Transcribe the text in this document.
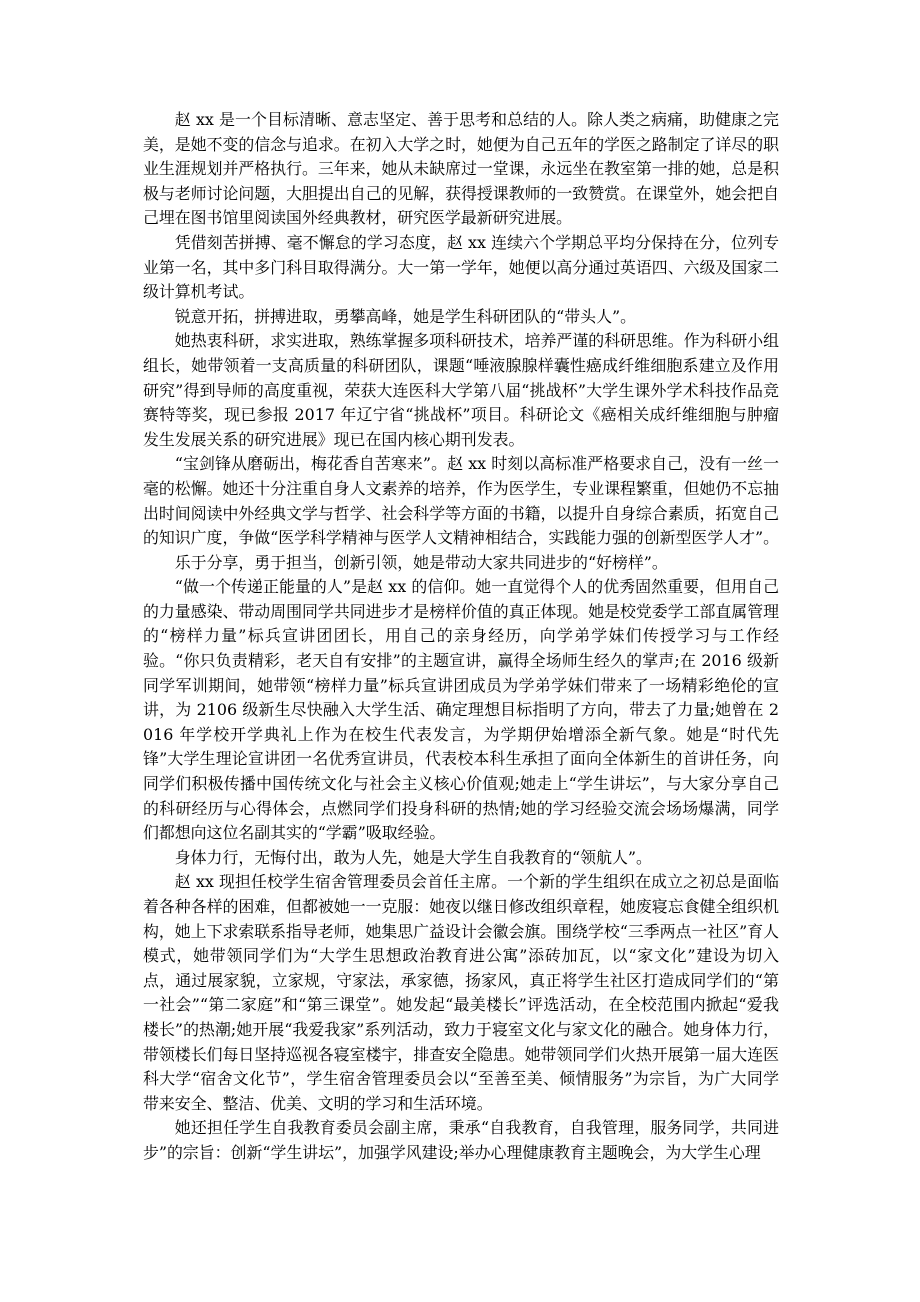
赵 xx 是一个目标清晰、意志坚定、善于思考和总结的人。除人类之病痛，助健康之完美，是她不变的信念与追求。在初入大学之时，她便为自己五年的学医之路制定了详尽的职业生涯规划并严格执行。三年来，她从未缺席过一堂课，永远坐在教室第一排的她，总是积极与老师讨论问题，大胆提出自己的见解，获得授课教师的一致赞赏。在课堂外，她会把自己埋在图书馆里阅读国外经典教材，研究医学最新研究进展。

凭借刻苦拼搏、毫不懈怠的学习态度，赵 xx 连续六个学期总平均分保持在分，位列专业第一名，其中多门科目取得满分。大一第一学年，她便以高分通过英语四、六级及国家二级计算机考试。

锐意开拓，拼搏进取，勇攀高峰，她是学生科研团队的“带头人”。

她热衷科研，求实进取，熟练掌握多项科研技术，培养严谨的科研思维。作为科研小组组长，她带领着一支高质量的科研团队，课题“唾液腺腺样囊性癌成纤维细胞系建立及作用研究”得到导师的高度重视，荣获大连医科大学第八届“挑战杯”大学生课外学术科技作品竞赛特等奖，现已参报 2017 年辽宁省“挑战杯”项目。科研论文《癌相关成纤维细胞与肿瘤发生发展关系的研究进展》现已在国内核心期刊发表。

“宝剑锋从磨砺出，梅花香自苦寒来”。赵 xx 时刻以高标准严格要求自己，没有一丝一毫的松懈。她还十分注重自身人文素养的培养，作为医学生，专业课程繁重，但她仍不忘抽出时间阅读中外经典文学与哲学、社会科学等方面的书籍，以提升自身综合素质，拓宽自己的知识广度，争做“医学科学精神与医学人文精神相结合，实践能力强的创新型医学人才”。

乐于分享，勇于担当，创新引领，她是带动大家共同进步的“好榜样”。

“做一个传递正能量的人”是赵 xx 的信仰。她一直觉得个人的优秀固然重要，但用自己的力量感染、带动周围同学共同进步才是榜样价值的真正体现。她是校党委学工部直属管理的“榜样力量”标兵宣讲团团长，用自己的亲身经历，向学弟学妹们传授学习与工作经验。“你只负责精彩，老天自有安排”的主题宣讲，赢得全场师生经久的掌声;在 2016 级新同学军训期间，她带领“榜样力量”标兵宣讲团成员为学弟学妹们带来了一场精彩绝伦的宣讲，为 2106 级新生尽快融入大学生活、确定理想目标指明了方向，带去了力量;她曾在 2016 年学校开学典礼上作为在校生代表发言，为学期伊始增添全新气象。她是“时代先锋”大学生理论宣讲团一名优秀宣讲员，代表校本科生承担了面向全体新生的首讲任务，向同学们积极传播中国传统文化与社会主义核心价值观;她走上“学生讲坛”，与大家分享自己的科研经历与心得体会，点燃同学们投身科研的热情;她的学习经验交流会场场爆满，同学们都想向这位名副其实的“学霸”吸取经验。

身体力行，无悔付出，敢为人先，她是大学生自我教育的“领航人”。

赵 xx 现担任校学生宿舍管理委员会首任主席。一个新的学生组织在成立之初总是面临着各种各样的困难，但都被她一一克服：她夜以继日修改组织章程，她废寝忘食健全组织机构，她上下求索联系指导老师，她集思广益设计会徽会旗。围绕学校“三季两点一社区”育人模式，她带领同学们为“大学生思想政治教育进公寓”添砖加瓦，以“家文化”建设为切入点，通过展家貌，立家规，守家法，承家德，扬家风，真正将学生社区打造成同学们的“第一社会”“第二家庭”和“第三课堂”。她发起“最美楼长”评选活动，在全校范围内掀起“爱我楼长”的热潮;她开展“我爱我家”系列活动，致力于寝室文化与家文化的融合。她身体力行，带领楼长们每日坚持巡视各寝室楼宇，排查安全隐患。她带领同学们火热开展第一届大连医科大学“宿舍文化节”，学生宿舍管理委员会以“至善至美、倾情服务”为宗旨，为广大同学带来安全、整洁、优美、文明的学习和生活环境。

她还担任学生自我教育委员会副主席，秉承“自我教育，自我管理，服务同学，共同进步”的宗旨：创新“学生讲坛”，加强学风建设;举办心理健康教育主题晚会，为大学生心理
